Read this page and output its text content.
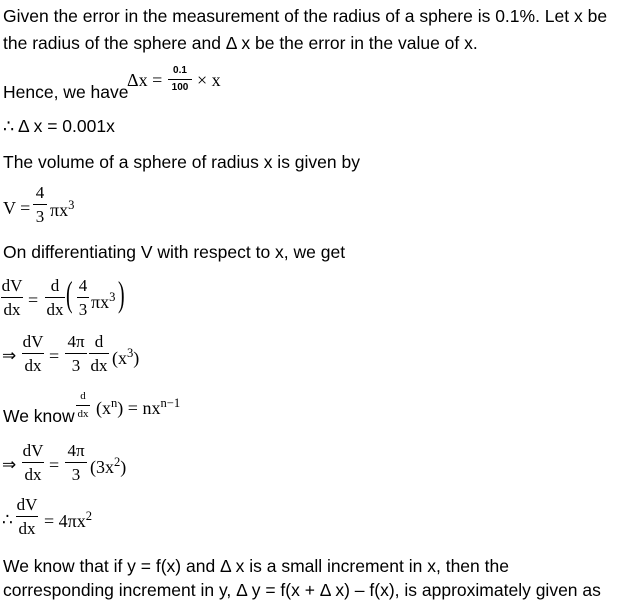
Given the error in the measurement of the radius of a sphere is 0.1%. Let x be
the radius of the sphere and Δ x be the error in the value of x.
Hence, we have
Δx = 0.1
100 × x
∴ Δ x = 0.001x
The volume of a sphere of radius x is given by
V =
4
3 $\pi x^3$
On differentiating V with respect to x, we get
dV
dx =
d
dx ( 4
3 $\pi x^3$ )
⇒
dV
dx =
4π
3
d
dx $(x^3)$
We know
d
dx $(x^n) = nx^{n-1}$
⇒
dV
dx =
4π
3 $(3x^2)$
∴
dV
dx = $4\pi x^2$
We know that if y = f(x) and Δ x is a small increment in x, then the
corresponding increment in y, Δ y = f(x + Δ x) – f(x), is approximately given as
